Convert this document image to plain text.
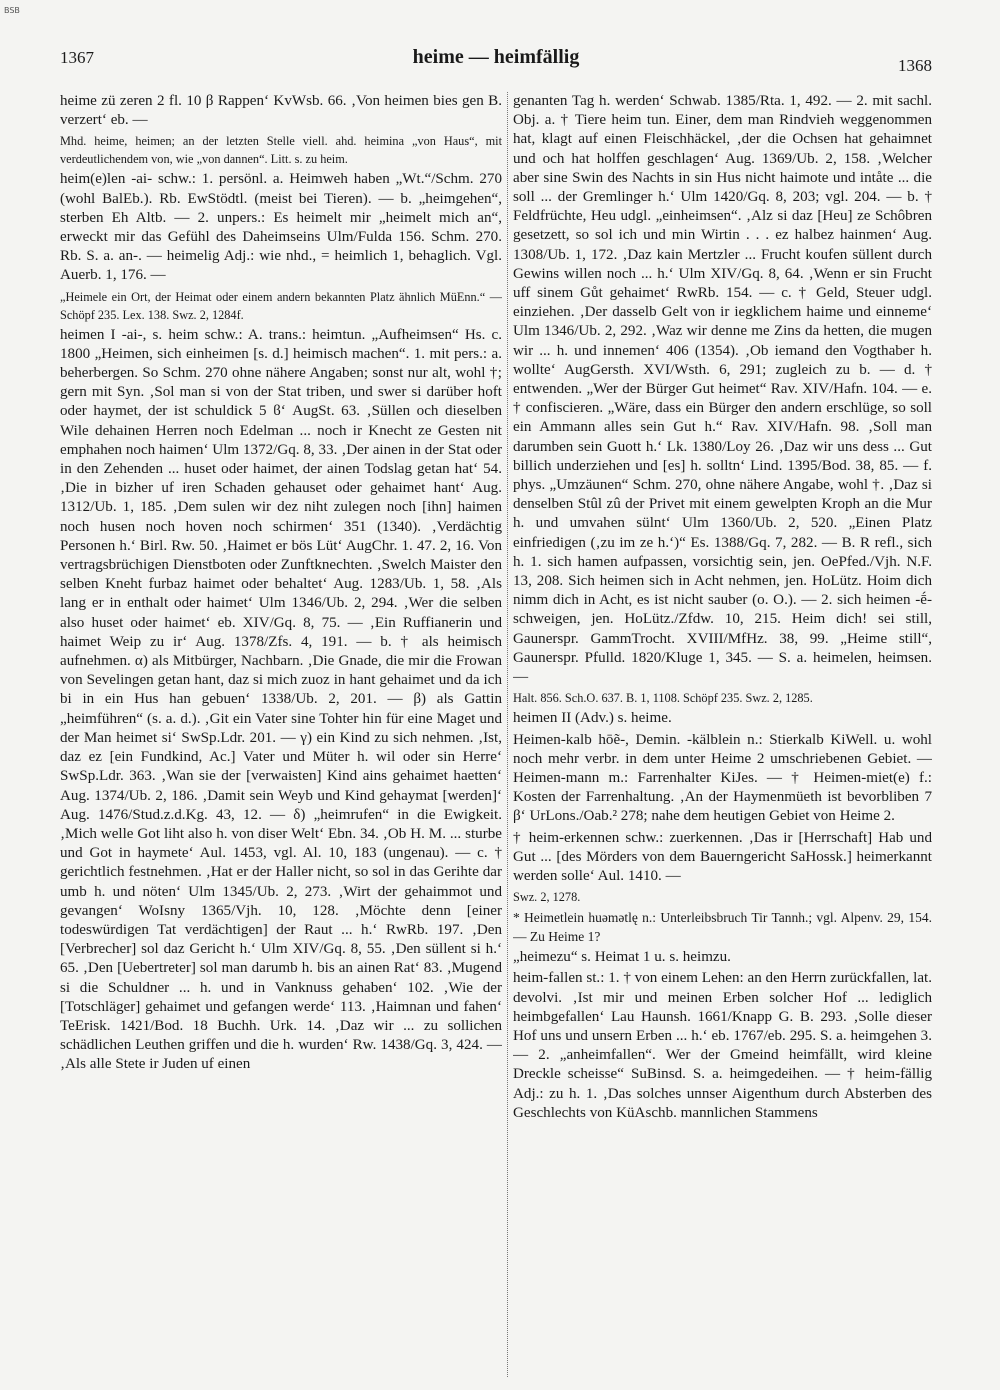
BSB
1367	heime — heimfällig	1368

heime zü zeren 2 fl. 10 β Rappen‘ KvWsb. 66. ‚Von heimen bies gen B. verzert‘ eb. —

Mhd. heime, heimen; an der letzten Stelle viell. ahd. heimina „von Haus“, mit verdeutlichendem von, wie „von dannen“. Litt. s. zu heim.

heim(e)len -ai- schw.: 1. persönl. a. Heimweh haben „Wt.“/Schm. 270 (wohl BalEb.). Rb. EwStödtl. (meist bei Tieren). — b. „heimgehen“, sterben Eh Altb. — 2. unpers.: Es heimelt mir „heimelt mich an“, erweckt mir das Gefühl des Daheimseins Ulm/Fulda 156. Schm. 270. Rb. S. a. an-. — heimelig Adj.: wie nhd., = heimlich 1, behaglich. Vgl. Auerb. 1, 176. —

„Heimele ein Ort, der Heimat oder einem andern bekannten Platz ähnlich MüEnn.“ — Schöpf 235. Lex. 138. Swz. 2, 1284f.

heimen I -ai-, s. heim schw.: A. trans.: heimtun. „Aufheimsen“ Hs. c. 1800 „Heimen, sich einheimen [s. d.] heimisch machen“. 1. mit pers.: a. beherbergen. So Schm. 270 ohne nähere Angaben; sonst nur alt, wohl †; gern mit Syn. ‚Sol man si von der Stat triben, und swer si darüber hoft oder haymet, der ist schuldick 5 ϐ‘ AugSt. 63. ‚Süllen och dieselben Wile dehainen Herren noch Edelman ... noch ir Knecht ze Gesten nit emphahen noch haimen‘ Ulm 1372/Gq. 8, 33. ‚Der ainen in der Stat oder in den Zehenden ... huset oder haimet, der ainen Todslag getan hat‘ 54. ‚Die in bizher uf iren Schaden gehauset oder gehaimet hant‘ Aug. 1312/Ub. 1, 185. ‚Dem sulen wir dez niht zulegen noch [ihn] haimen noch husen noch hoven noch schirmen‘ 351 (1340). ‚Verdächtig Personen h.‘ Birl. Rw. 50. ‚Haimet er bös Lüt‘ AugChr. 1. 47. 2, 16. Von vertragsbrüchigen Dienstboten oder Zunftknechten. ‚Swelch Maister den selben Kneht furbaz haimet oder behaltet‘ Aug. 1283/Ub. 1, 58. ‚Als lang er in enthalt oder haimet‘ Ulm 1346/Ub. 2, 294. ‚Wer die selben also huset oder haimet‘ eb. XIV/Gq. 8, 75. — ‚Ein Ruffianerin und haimet Weip zu ir‘ Aug. 1378/Zfs. 4, 191. — b. † als heimisch aufnehmen. α) als Mitbürger, Nachbarn. ‚Die Gnade, die mir die Frowan von Sevelingen getan hant, daz si mich zuoz in hant gehaimet und da ich bi in ein Hus han gebuen‘ 1338/Ub. 2, 201. — β) als Gattin „heimführen“ (s. a. d.). ‚Git ein Vater sine Tohter hin für eine Maget und der Man heimet si‘ SwSp.Ldr. 201. — γ) ein Kind zu sich nehmen. ‚Ist, daz ez [ein Fundkind, Ac.] Vater und Müter h. wil oder sin Herre‘ SwSp.Ldr. 363. ‚Wan sie der [verwaisten] Kind ains gehaimet haetten‘ Aug. 1374/Ub. 2, 186. ‚Damit sein Weyb und Kind gehaymat [werden]‘ Aug. 1476/Stud.z.d.Kg. 43, 12. — δ) „heimrufen“ in die Ewigkeit. ‚Mich welle Got liht also h. von diser Welt‘ Ebn. 34. ‚Ob H. M. ... sturbe und Got in haymete‘ Aul. 1453, vgl. Al. 10, 183 (ungenau). — c. † gerichtlich festnehmen. ‚Hat er der Haller nicht, so sol in das Gerihte dar umb h. und nöten‘ Ulm 1345/Ub. 2, 273. ‚Wirt der gehaimmot und gevangen‘ WoIsny 1365/Vjh. 10, 128. ‚Möchte denn [einer todeswürdigen Tat verdächtigen] der Raut ... h.‘ RwRb. 197. ‚Den [Verbrecher] sol daz Gericht h.‘ Ulm XIV/Gq. 8, 55. ‚Den süllent si h.‘ 65. ‚Den [Uebertreter] sol man darumb h. bis an ainen Rat‘ 83. ‚Mugend si die Schuldner ... h. und in Vanknuss gehaben‘ 102. ‚Wie der [Totschläger] gehaimet und gefangen werde‘ 113. ‚Haimnan und fahen‘ TeErisk. 1421/Bod. 18 Buchh. Urk. 14. ‚Daz wir ... zu sollichen schädlichen Leuthen griffen und die h. wurden‘ Rw. 1438/Gq. 3, 424. — ‚Als alle Stete ir Juden uf einen

genanten Tag h. werden‘ Schwab. 1385/Rta. 1, 492. — 2. mit sachl. Obj. a. † Tiere heim tun. Einer, dem man Rindvieh weggenommen hat, klagt auf einen Fleischhäckel, ‚der die Ochsen hat gehaimnet und och hat holffen geschlagen‘ Aug. 1369/Ub. 2, 158. ‚Welcher aber sine Swin des Nachts in sin Hus nicht haimote und intåte ... die soll ... der Gremlinger h.‘ Ulm 1420/Gq. 8, 203; vgl. 204. — b. † Feldfrüchte, Heu udgl. „einheimsen“. ‚Alz si daz [Heu] ze Schôbren gesetzett, so sol ich und min Wirtin . . . ez halbez hainmen‘ Aug. 1308/Ub. 1, 172. ‚Daz kain Mertzler ... Frucht koufen süllent durch Gewins willen noch ... h.‘ Ulm XIV/Gq. 8, 64. ‚Wenn er sin Frucht uff sinem Gůt gehaimet‘ RwRb. 154. — c. † Geld, Steuer udgl. einziehen. ‚Der dasselb Gelt von ir iegklichem haime und einneme‘ Ulm 1346/Ub. 2, 292. ‚Waz wir denne me Zins da hetten, die mugen wir ... h. und innemen‘ 406 (1354). ‚Ob iemand den Vogthaber h. wollte‘ AugGersth. XVI/Wsth. 6, 291; zugleich zu b. — d. † entwenden. „Wer der Bürger Gut heimet“ Rav. XIV/Hafn. 104. — e. † confiscieren. „Wäre, dass ein Bürger den andern erschlüge, so soll ein Ammann alles sein Gut h.“ Rav. XIV/Hafn. 98. ‚Soll man darumben sein Guott h.‘ Lk. 1380/Loy 26. ‚Daz wir uns dess ... Gut billich underziehen und [es] h. solltn‘ Lind. 1395/Bod. 38, 85. — f. phys. „Umzäunen“ Schm. 270, ohne nähere Angabe, wohl †. ‚Daz si denselben Stûl zû der Privet mit einem gewelpten Kroph an die Mur h. und umvahen sülnt‘ Ulm 1360/Ub. 2, 520. „Einen Platz einfriedigen (‚zu im ze h.‘)“ Es. 1388/Gq. 7, 282. — B. R refl., sich h. 1. sich hamen aufpassen, vorsichtig sein, jen. OePfed./Vjh. N.F. 13, 208. Sich heimen sich in Acht nehmen, jen. HoLütz. Hoim dich nimm dich in Acht, es ist nicht sauber (o. O.). — 2. sich heimen -ḗ- schweigen, jen. HoLütz./Zfdw. 10, 215. Heim dich! sei still, Gaunerspr. GammTrocht. XVIII/MfHz. 38, 99. „Heime still“, Gaunerspr. Pfulld. 1820/Kluge 1, 345. — S. a. heimelen, heimsen. —

Halt. 856. Sch.O. 637. B. 1, 1108. Schöpf 235. Swz. 2, 1285.

heimen II (Adv.) s. heime.

Heimen-kalb hōẽ-, Demin. -kälblein n.: Stierkalb KiWell. u. wohl noch mehr verbr. in dem unter Heime 2 umschriebenen Gebiet. — Heimen-mann m.: Farrenhalter KiJes. — † Heimen-miet(e) f.: Kosten der Farrenhaltung. ‚An der Haymenmüeth ist bevorbliben 7 β‘ UrLons./Oab.² 278; nahe dem heutigen Gebiet von Heime 2.

† heim-erkennen schw.: zuerkennen. ‚Das ir [Herrschaft] Hab und Gut ... [des Mörders von dem Bauerngericht SaHossk.] heimerkannt werden solle‘ Aul. 1410. —

Swz. 2, 1278.

* Heimetlein huəmətlę n.: Unterleibsbruch Tir Tannh.; vgl. Alpenv. 29, 154. — Zu Heime 1?

„heimezu“ s. Heimat 1 u. s. heimzu.

heim-fallen st.: 1. † von einem Lehen: an den Herrn zurückfallen, lat. devolvi. ‚Ist mir und meinen Erben solcher Hof ... lediglich heimbgefallen‘ Lau Haunsh. 1661/Knapp G. B. 293. ‚Solle dieser Hof uns und unsern Erben ... h.‘ eb. 1767/eb. 295. S. a. heimgehen 3. — 2. „anheimfallen“. Wer der Gmeind heimfällt, wird kleine Dreckle scheisse“ SuBinsd. S. a. heimgedeihen. — † heim-fällig Adj.: zu h. 1. ‚Das solches unnser Aigenthum durch Absterben des Geschlechts von KüAschb. mannlichen Stammens
